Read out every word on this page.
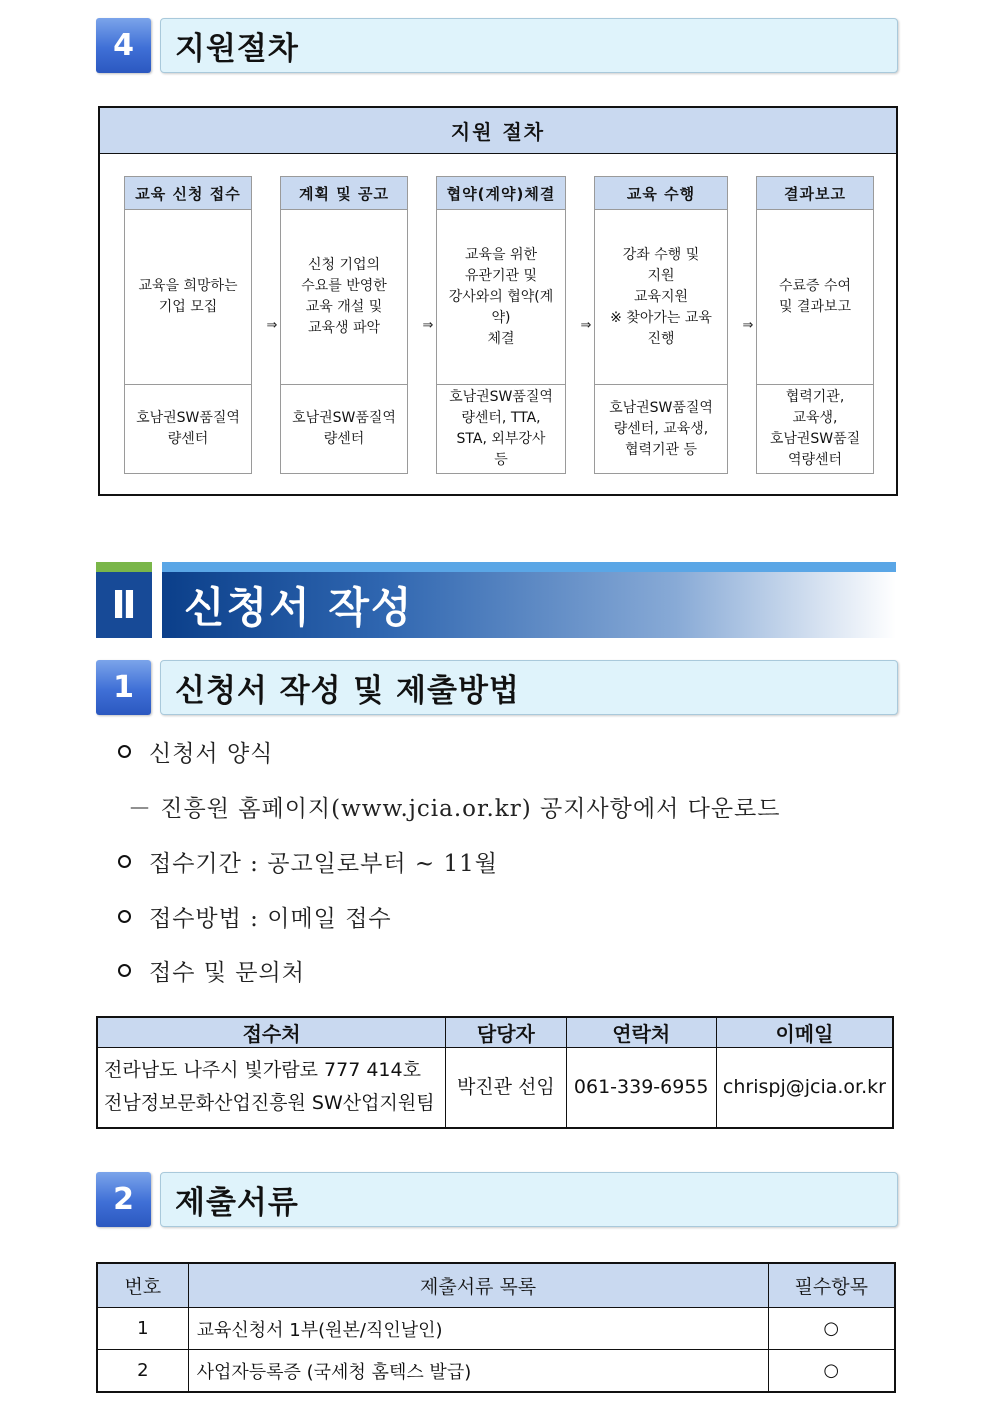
4	지원절차
지원 절차
교육 신청 접수
교육을 희망하는
기업 모집
호남권SW품질역
량센터
⇒
계획 및 공고
신청 기업의
수요를 반영한
교육 개설 및
교육생 파악
호남권SW품질역
량센터
⇒
협약(계약)체결
교육을 위한
유관기관 및
강사와의 협약(계약)
체결
호남권SW품질역
량센터, TTA,
STA, 외부강사
등
⇒
교육 수행
강좌 수행 및
지원
교육지원
※ 찾아가는 교육
진행
호남권SW품질역
량센터, 교육생,
협력기관 등
⇒
결과보고
수료증 수여
및 결과보고
협력기관,
교육생,
호남권SW품질
역량센터
Ⅱ	신청서 작성
1	신청서 작성 및 제출방법
신청서 양식
－ 진흥원 홈페이지(www.jcia.or.kr) 공지사항에서 다운로드
접수기간 : 공고일로부터 ~ 11월
접수방법 : 이메일 접수
접수 및 문의처
접수처	담당자	연락처	이메일

전라남도 나주시 빛가람로 777 414호
전남정보문화산업진흥원 SW산업지원팀	박진관 선임	061-339-6955	chrispj@jcia.or.kr
2	제출서류
번호	제출서류 목록	필수항목
1	교육신청서 1부(원본/직인날인)	○
2	사업자등록증 (국세청 홈텍스 발급)	○
